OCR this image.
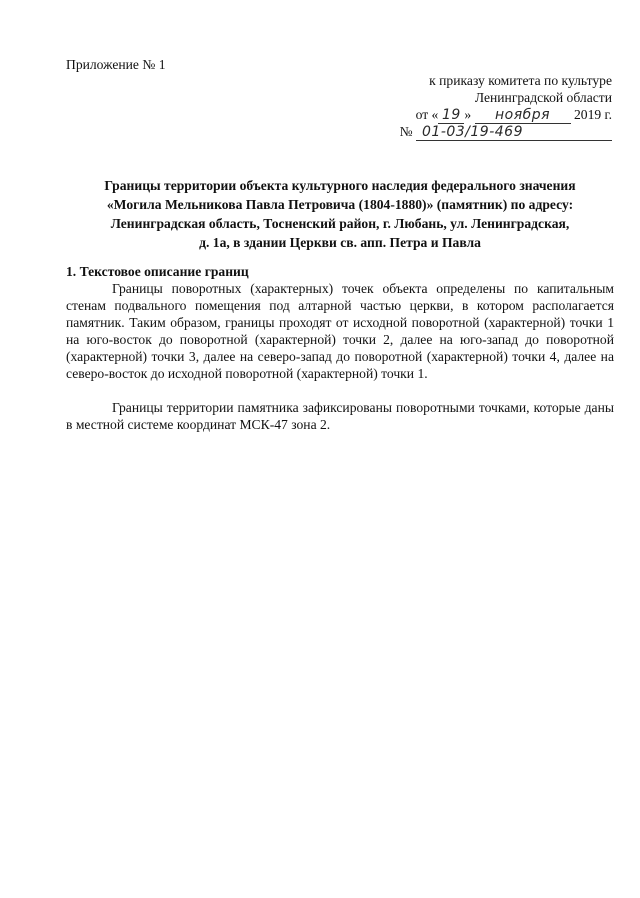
Приложение № 1
к приказу комитета по культуре
Ленинградской области
от « 19 » ноября 2019 г.
№ 01-03/19-469
Границы территории объекта культурного наследия федерального значения
«Могила Мельникова Павла Петровича (1804-1880)» (памятник) по адресу:
Ленинградская область, Тосненский район, г. Любань, ул. Ленинградская,
д. 1а, в здании Церкви св. апп. Петра и Павла
1. Текстовое описание границ
Границы поворотных (характерных) точек объекта определены по капитальным стенам подвального помещения под алтарной частью церкви, в котором располагается памятник. Таким образом, границы проходят от исходной поворотной (характерной) точки 1 на юго-восток до поворотной (характерной) точки 2, далее на юго-запад до поворотной (характерной) точки 3, далее на северо-запад до поворотной (характерной) точки 4, далее на северо-восток до исходной поворотной (характерной) точки 1.
Границы территории памятника зафиксированы поворотными точками, которые даны в местной системе координат МСК-47 зона 2.
